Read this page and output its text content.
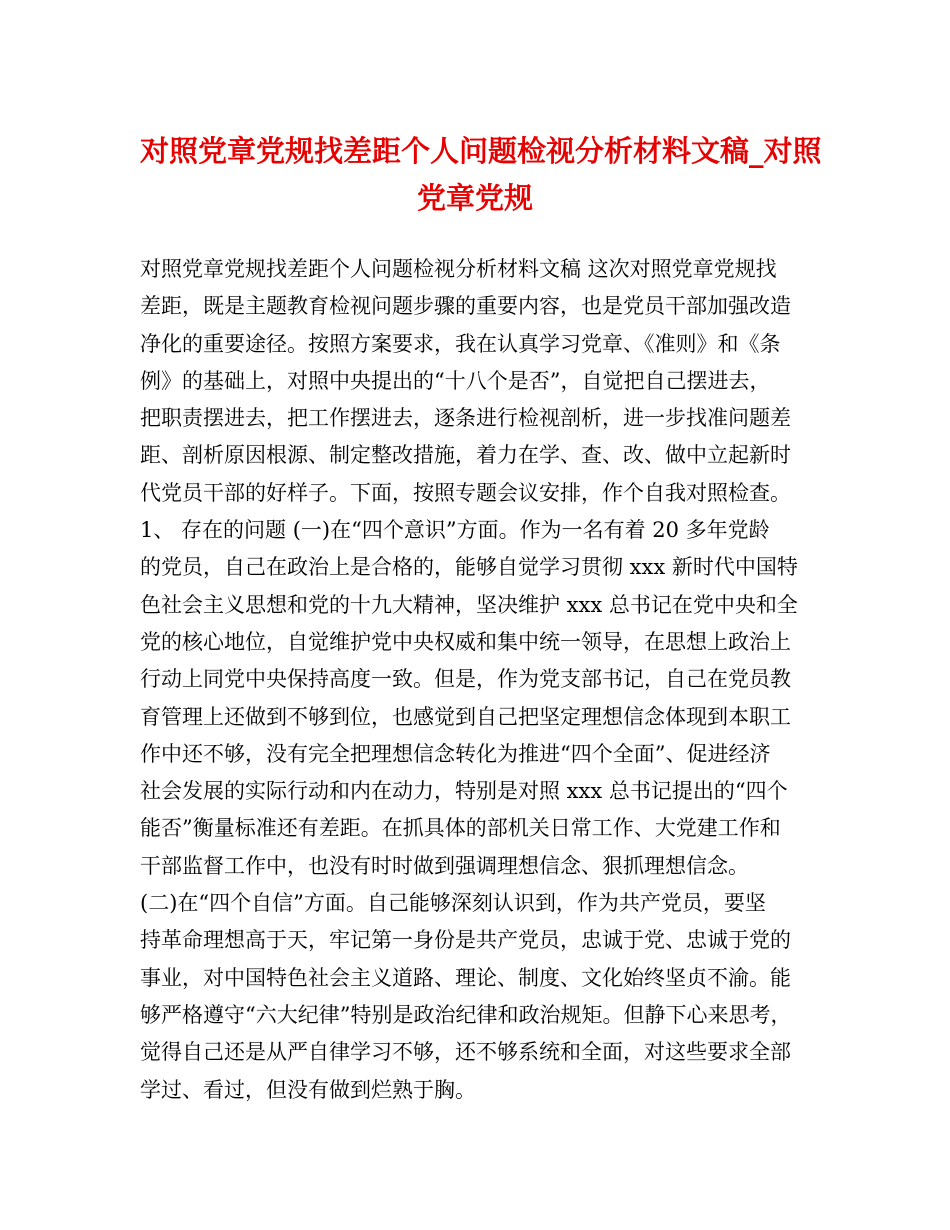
对照党章党规找差距个人问题检视分析材料文稿_对照
党章党规
对照党章党规找差距个人问题检视分析材料文稿 这次对照党章党规找
差距，既是主题教育检视问题步骤的重要内容，也是党员干部加强改造
净化的重要途径。按照方案要求，我在认真学习党章、《准则》和《条
例》的基础上，对照中央提出的“十八个是否”，自觉把自己摆进去，
把职责摆进去，把工作摆进去，逐条进行检视剖析，进一步找准问题差
距、剖析原因根源、制定整改措施，着力在学、查、改、做中立起新时
代党员干部的好样子。下面，按照专题会议安排，作个自我对照检查。
1、 存在的问题 (一)在“四个意识”方面。作为一名有着 20 多年党龄
的党员，自己在政治上是合格的，能够自觉学习贯彻 xxx 新时代中国特
色社会主义思想和党的十九大精神，坚决维护 xxx 总书记在党中央和全
党的核心地位，自觉维护党中央权威和集中统一领导，在思想上政治上
行动上同党中央保持高度一致。但是，作为党支部书记，自己在党员教
育管理上还做到不够到位，也感觉到自己把坚定理想信念体现到本职工
作中还不够，没有完全把理想信念转化为推进“四个全面”、促进经济
社会发展的实际行动和内在动力，特别是对照 xxx 总书记提出的“四个
能否”衡量标准还有差距。在抓具体的部机关日常工作、大党建工作和
干部监督工作中，也没有时时做到强调理想信念、狠抓理想信念。
(二)在“四个自信”方面。自己能够深刻认识到，作为共产党员，要坚
持革命理想高于天，牢记第一身份是共产党员，忠诚于党、忠诚于党的
事业，对中国特色社会主义道路、理论、制度、文化始终坚贞不渝。能
够严格遵守“六大纪律”特别是政治纪律和政治规矩。但静下心来思考，
觉得自己还是从严自律学习不够，还不够系统和全面，对这些要求全部
学过、看过，但没有做到烂熟于胸。
